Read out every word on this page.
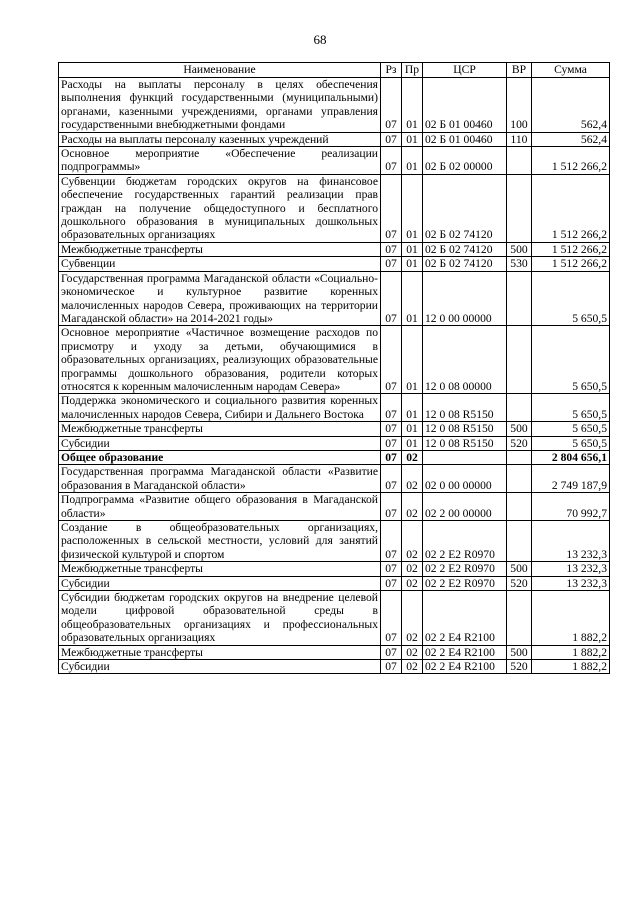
68
Наименование	Рз	Пр	ЦСР	ВР	Сумма
Расходы на выплаты персоналу в целях обеспечения выполнения функций государственными (муниципальными) органами, казенными учреждениями, органами управления государственными внебюджетными фондами	07	01	02 Б 01 00460	100	562,4
Расходы на выплаты персоналу казенных учреждений	07	01	02 Б 01 00460	110	562,4
Основное мероприятие «Обеспечение реализации подпрограммы»	07	01	02 Б 02 00000		1 512 266,2
Субвенции бюджетам городских округов на финансовое обеспечение государственных гарантий реализации прав граждан на получение общедоступного и бесплатного дошкольного образования в муниципальных дошкольных образовательных организациях	07	01	02 Б 02 74120		1 512 266,2
Межбюджетные трансферты	07	01	02 Б 02 74120	500	1 512 266,2
Субвенции	07	01	02 Б 02 74120	530	1 512 266,2
Государственная программа Магаданской области «Социально-экономическое и культурное развитие коренных малочисленных народов Севера, проживающих на территории Магаданской области» на 2014-2021 годы»	07	01	12 0 00 00000		5 650,5
Основное мероприятие «Частичное возмещение расходов по присмотру и уходу за детьми, обучающимися в образовательных организациях, реализующих образовательные программы дошкольного образования, родители которых относятся к коренным малочисленным народам Севера»	07	01	12 0 08 00000		5 650,5
Поддержка экономического и социального развития коренных малочисленных народов Севера, Сибири и Дальнего Востока	07	01	12 0 08 R5150		5 650,5
Межбюджетные трансферты	07	01	12 0 08 R5150	500	5 650,5
Субсидии	07	01	12 0 08 R5150	520	5 650,5
Общее образование	07	02			2 804 656,1
Государственная программа Магаданской области «Развитие образования в Магаданской области»	07	02	02 0 00 00000		2 749 187,9
Подпрограмма «Развитие общего образования в Магаданской области»	07	02	02 2 00 00000		70 992,7
Создание в общеобразовательных организациях, расположенных в сельской местности, условий для занятий физической культурой и спортом	07	02	02 2 E2 R0970		13 232,3
Межбюджетные трансферты	07	02	02 2 E2 R0970	500	13 232,3
Субсидии	07	02	02 2 E2 R0970	520	13 232,3
Субсидии бюджетам городских округов на внедрение целевой модели цифровой образовательной среды в общеобразовательных организациях и профессиональных образовательных организациях	07	02	02 2 E4 R2100		1 882,2
Межбюджетные трансферты	07	02	02 2 E4 R2100	500	1 882,2
Субсидии	07	02	02 2 E4 R2100	520	1 882,2
